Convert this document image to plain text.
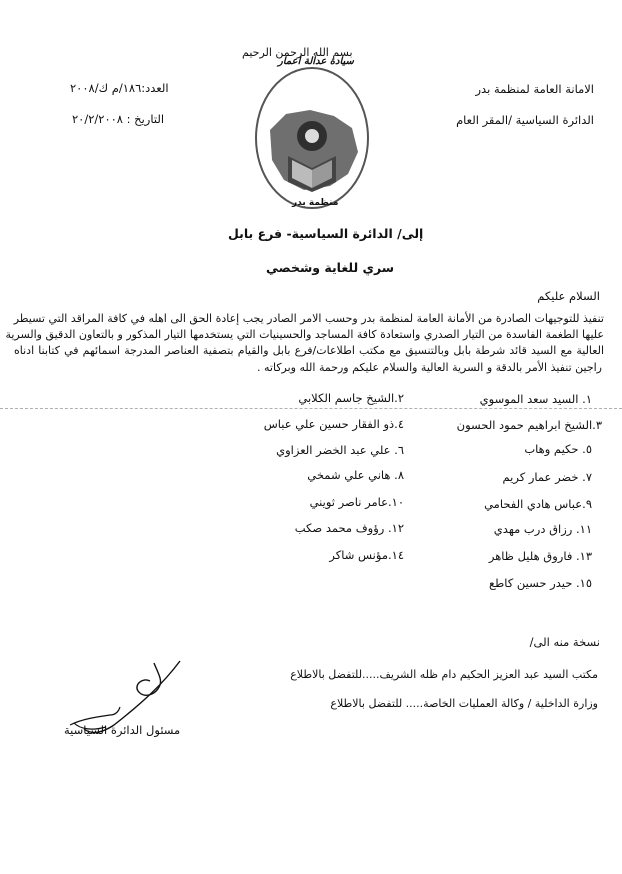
بسم الله الرحمن الرحيم
الامانة العامة لمنظمة بدر
الدائرة السياسية /المقر العام
العدد:١٨٦/م ك/٢٠٠٨
التاريخ : ٢٠/٢/٢٠٠٨
سيادة عدالة اعمار
منظمة بدر
إلى/ الدائرة السياسية- فرع بابل
سري للغاية وشخصي
السلام عليكم
تنفيذ للتوجيهات الصادرة من الأمانة العامة لمنظمة بدر وحسب الامر الصادر يجب إعادة الحق الى اهله في كافة المراقد التي تسيطر
عليها الطغمة الفاسدة من التيار الصدري واستعادة كافة المساجد والحسينيات التي يستخدمها التيار المذكور و بالتعاون الدقيق والسرية
العالية مع السيد قائد شرطة بابل وبالتنسيق مع مكتب اطلاعات/فرع بابل والقيام بتصفية العناصر المدرجة اسمائهم في كتابنا ادناه
راجين تنفيذ الأمر بالدقة و السرية العالية والسلام عليكم ورحمة الله وبركاته .
١. السيد سعد الموسوي
٢.الشيخ جاسم الكلابي
٣.الشيخ ابراهيم حمود الحسون
٤.ذو الفقار حسين علي عباس
٥. حكيم وهاب
٦. علي عبد الخضر العزاوي
٧. خضر عمار كريم
٨. هاني علي شمخي
٩.عباس هادي الفحامي
١٠.عامر ناصر ثويني
١١. رزاق درب مهدي
١٢. رؤوف محمد صكب
١٣. فاروق هليل ظاهر
١٤.مؤنس شاكر
١٥. حيدر حسين كاطع
نسخة منه الى/
مكتب السيد عبد العزيز الحكيم دام ظله الشريف.....للتفضل بالاطلاع
وزارة الداخلية / وكالة العمليات الخاصة..... للتفضل بالاطلاع
مسئول الدائرة السياسية
